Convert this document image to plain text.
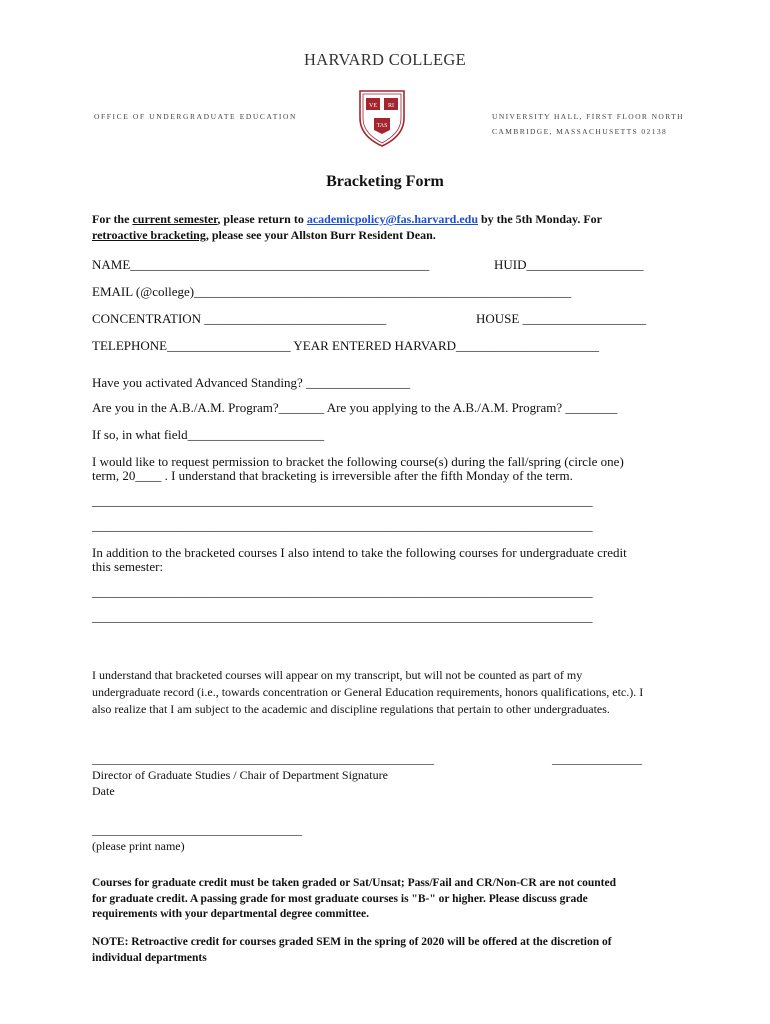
HARVARD COLLEGE
OFFICE OF UNDERGRADUATE EDUCATION	UNIVERSITY HALL, FIRST FLOOR NORTH
CAMBRIDGE, MASSACHUSETTS 02138
VE RI
TAS
Bracketing Form
For the current semester, please return to academicpolicy@fas.harvard.edu by the 5th Monday. For
retroactive bracketing, please see your Allston Burr Resident Dean.
NAME______________________________________________	HUID__________________
EMAIL (@college)__________________________________________________________
CONCENTRATION ____________________________	HOUSE ___________________
TELEPHONE___________________ YEAR ENTERED HARVARD______________________
Have you activated Advanced Standing? ________________
Are you in the A.B./A.M. Program?_______ Are you applying to the A.B./A.M. Program? ________
If so, in what field_____________________
I would like to request permission to bracket the following course(s) during the fall/spring (circle one)
term, 20____ . I understand that bracketing is irreversible after the fifth Monday of the term.
_____________________________________________________________________________
_____________________________________________________________________________
In addition to the bracketed courses I also intend to take the following courses for undergraduate credit
this semester:
_____________________________________________________________________________
_____________________________________________________________________________
I understand that bracketed courses will appear on my transcript, but will not be counted as part of my
undergraduate record (i.e., towards concentration or General Education requirements, honors qualifications, etc.). I
also realize that I am subject to the academic and discipline regulations that pertain to other undergraduates.
_________________________________________________________	_______________
Director of Graduate Studies / Chair of Department Signature
Date
___________________________________
(please print name)
Courses for graduate credit must be taken graded or Sat/Unsat; Pass/Fail and CR/Non-CR are not counted
for graduate credit. A passing grade for most graduate courses is "B-" or higher. Please discuss grade
requirements with your departmental degree committee.
NOTE: Retroactive credit for courses graded SEM in the spring of 2020 will be offered at the discretion of
individual departments
